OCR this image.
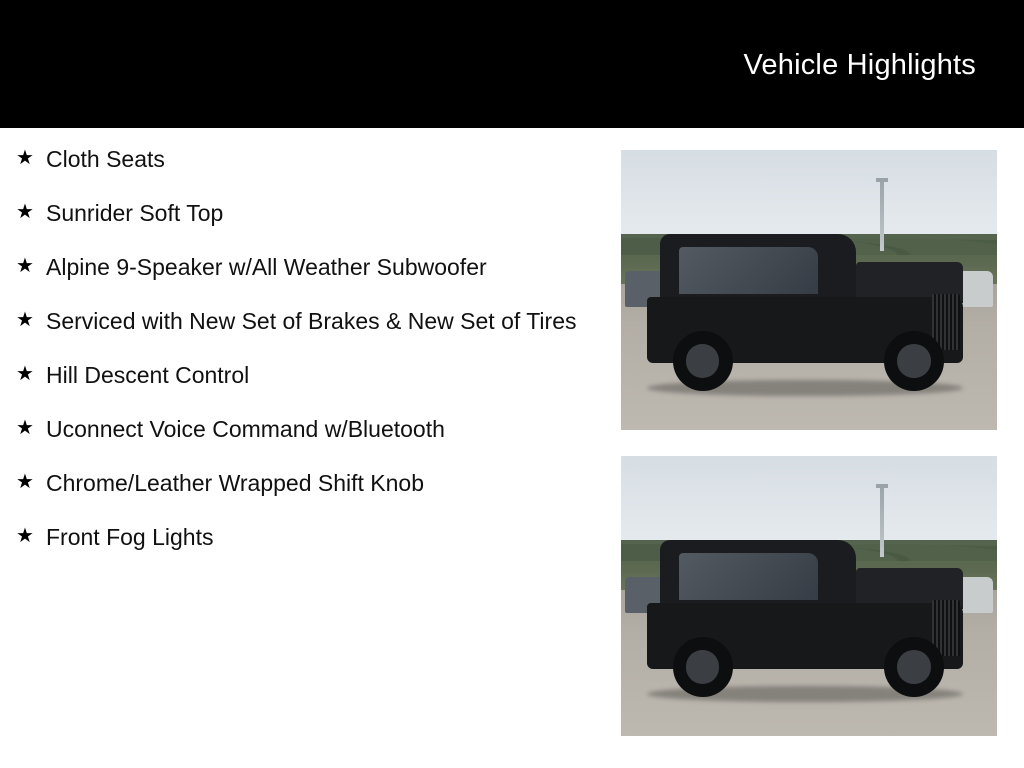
Vehicle Highlights
★ Cloth Seats
★ Sunrider Soft Top
★ Alpine 9-Speaker w/All Weather Subwoofer
★ Serviced with New Set of Brakes & New Set of Tires
★ Hill Descent Control
★ Uconnect Voice Command w/Bluetooth
★ Chrome/Leather Wrapped Shift Knob
★ Front Fog Lights
